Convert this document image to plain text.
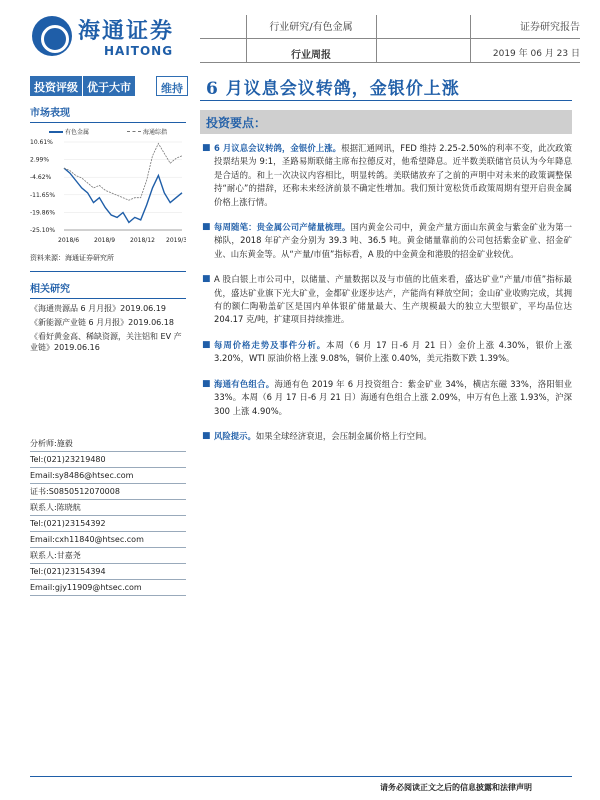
海通证券
HAITONG
行业研究/有色金属
行业周报
证券研究报告
2019 年 06 月 23 日
投资评级 优于大市	维持 6 月议息会议转鸽，金银价上涨
市场表现
有色金属	海通综指
10.61%
2.99%
-4.62%
-11.65%
-19.86%
-25.10%
2018/6 2018/9 2018/12 2019/3
资料来源：海通证券研究所
相关研究
《海通贵源品 6 月月报》2019.06.19
《新能源产业链 6 月月报》2019.06.18
《看好黄金高、稀缺资源，关注铝和 EV 产业链》2019.06.16
分析师:施毅
Tel:(021)23219480
Email:sy8486@htsec.com
证书:S0850512070008
联系人:陈晓航
Tel:(021)23154392
Email:cxh11840@htsec.com
联系人:甘嘉尧
Tel:(021)23154394
Email:gjy11909@htsec.com
投资要点：
■ 6 月议息会议转鸽，金银价上涨。根据汇通网讯，FED 维持 2.25-2.50%的利率不变，此次政策投票结果为 9:1，圣路易斯联储主席布拉德反对，他希望降息。近半数美联储官员认为今年降息是合适的。和上一次决议内容相比，明显转鸽。美联储放弃了之前的声明中对未来的政策调整保持“耐心”的措辞，还称未来经济前景不确定性增加。我们预计宽松货币政策周期有望开启贵金属价格上涨行情。
■ 每周随笔：贵金属公司产储量梳理。国内黄金公司中，黄金产量方面山东黄金与紫金矿业为第一梯队，2018 年矿产金分别为 39.3 吨、36.5 吨。黄金储量靠前的公司包括紫金矿业、招金矿业、山东黄金等。从“产量/市值”指标看，A 股的中金黄金和港股的招金矿业较优。
■ A 股白银上市公司中，以储量、产量数据以及与市值的比值来看，盛达矿业“产量/市值”指标最优，盛达矿业旗下光大矿业，金都矿业逐步达产，产能尚有释放空间；金山矿业收购完成，其拥有的额仁陶勒盖矿区是国内单体银矿储量最大、生产规模最大的独立大型银矿，平均品位达 204.17 克/吨，扩建项目持续推进。
■ 每周价格走势及事件分析。本周（6 月 17 日-6 月 21 日）金价上涨 4.30%，银价上涨 3.20%，WTI 原油价格上涨 9.08%，铜价上涨 0.40%，美元指数下跌 1.39%。
■ 海通有色组合。海通有色 2019 年 6 月投资组合：紫金矿业 34%，横店东磁 33%，洛阳钼业 33%。本周（6 月 17 日-6 月 21 日）海通有色组合上涨 2.09%，申万有色上涨 1.93%，沪深 300 上涨 4.90%。
■ 风险提示。如果全球经济衰退，会压制金属价格上行空间。
请务必阅读正文之后的信息披露和法律声明
